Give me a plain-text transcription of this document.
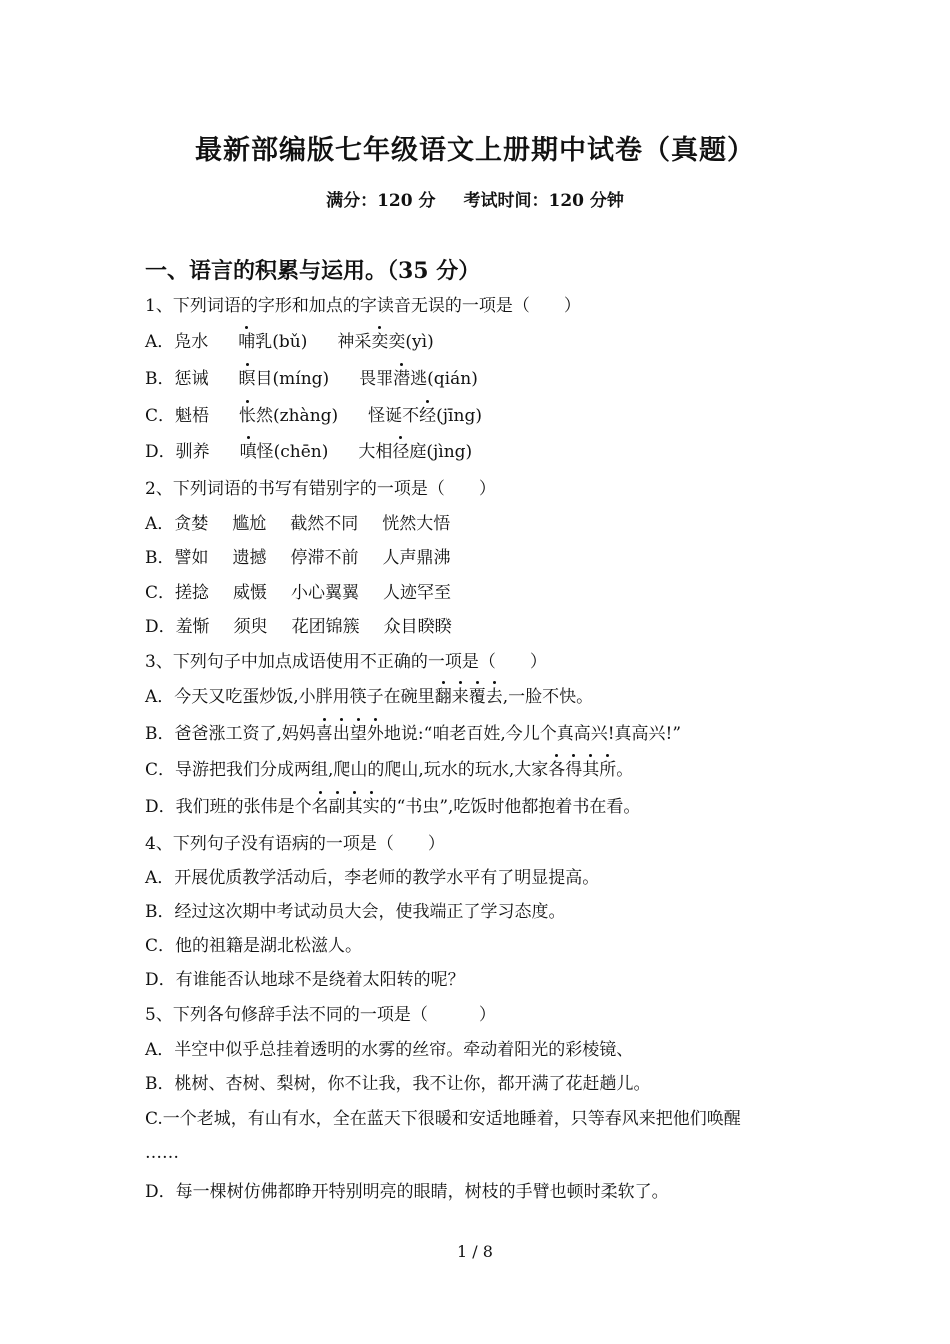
最新部编版七年级语文上册期中试卷（真题）
满分：120 分 考试时间：120 分钟
一、语言的积累与运用。（35 分）
1、下列词语的字形和加点的字读音无误的一项是（　　）
A．凫水 哺乳(bǔ) 神采奕奕(yì)
B．惩诫 瞑目(míng) 畏罪潜逃(qián)
C．魁梧 怅然(zhàng) 怪诞不经(jīng)
D．驯养 嗔怪(chēn) 大相径庭(jìng)
2、下列词语的书写有错别字的一项是（　　）
A．贪婪 尴尬 截然不同 恍然大悟
B．譬如 遗撼 停滞不前 人声鼎沸
C．搓捻 威慑 小心翼翼 人迹罕至
D．羞惭 须臾 花团锦簇 众目睽睽
3、下列句子中加点成语使用不正确的一项是（　　）
A．今天又吃蛋炒饭,小胖用筷子在碗里翻来覆去,一脸不快。
B．爸爸涨工资了,妈妈喜出望外地说:“咱老百姓,今儿个真高兴!真高兴!”
C．导游把我们分成两组,爬山的爬山,玩水的玩水,大家各得其所。
D．我们班的张伟是个名副其实的“书虫”,吃饭时他都抱着书在看。
4、下列句子没有语病的一项是（　　）
A．开展优质教学活动后，李老师的教学水平有了明显提高。
B．经过这次期中考试动员大会，使我端正了学习态度。
C．他的祖籍是湖北松滋人。
D．有谁能否认地球不是绕着太阳转的呢？
5、下列各句修辞手法不同的一项是（　　　）
A．半空中似乎总挂着透明的水雾的丝帘。牵动着阳光的彩棱镜、
B．桃树、杏树、梨树，你不让我，我不让你，都开满了花赶趟儿。
C.一个老城，有山有水，全在蓝天下很暖和安适地睡着，只等春风来把他们唤醒
……
D．每一棵树仿佛都睁开特别明亮的眼睛，树枝的手臂也顿时柔软了。
1 / 8
